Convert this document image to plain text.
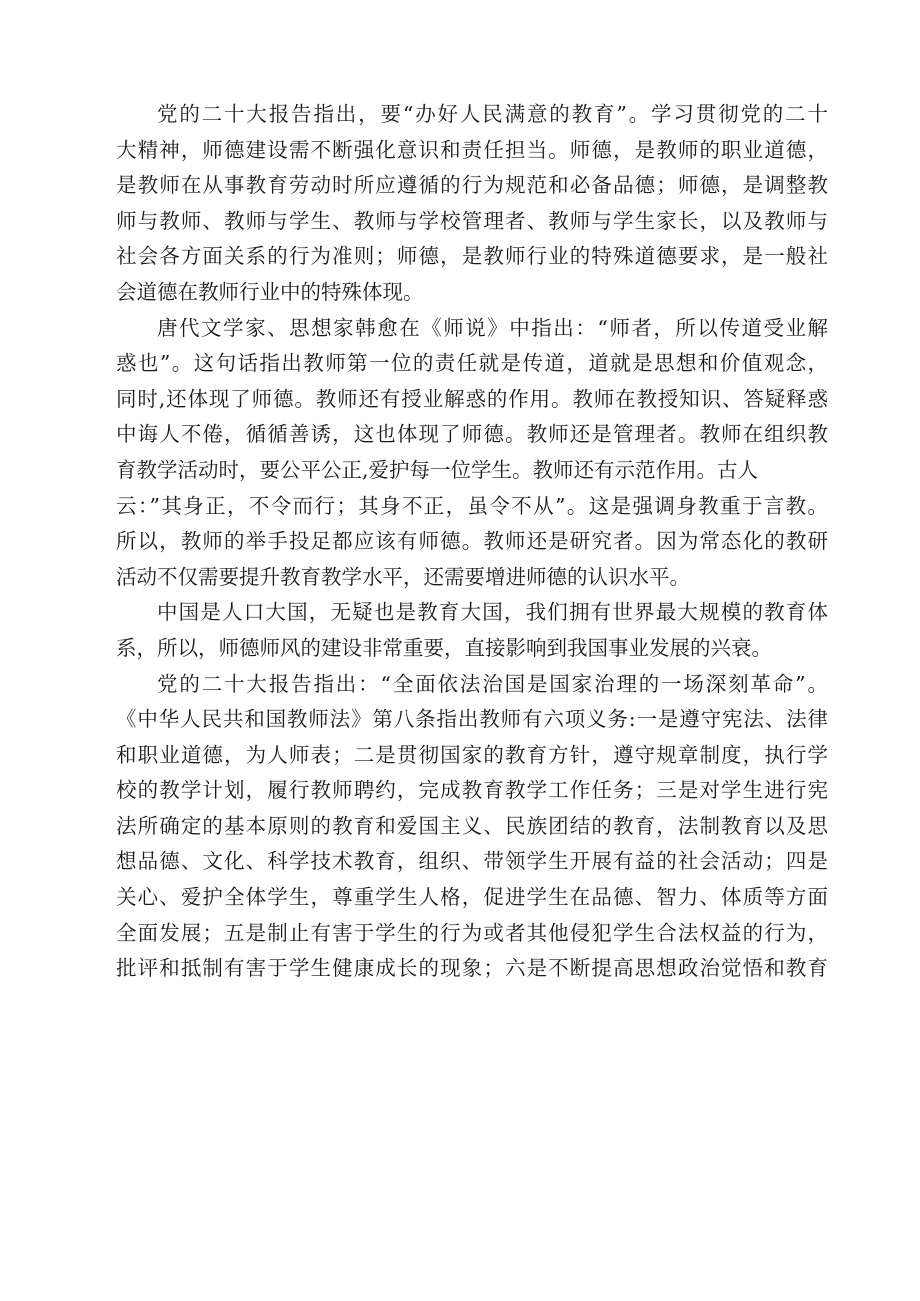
党的二十大报告指出，要“办好人民满意的教育”。学习贯彻党的二十
大精神，师德建设需不断强化意识和责任担当。师德，是教师的职业道德，
是教师在从事教育劳动时所应遵循的行为规范和必备品德；师德，是调整教
师与教师、教师与学生、教师与学校管理者、教师与学生家长，以及教师与
社会各方面关系的行为准则；师德，是教师行业的特殊道德要求，是一般社
会道德在教师行业中的特殊体现。
唐代文学家、思想家韩愈在《师说》中指出：“师者，所以传道受业解
惑也”。这句话指出教师第一位的责任就是传道，道就是思想和价值观念，
同时,还体现了师德。教师还有授业解惑的作用。教师在教授知识、答疑释惑
中诲人不倦，循循善诱，这也体现了师德。教师还是管理者。教师在组织教
育教学活动时，要公平公正,爱护每一位学生。教师还有示范作用。古人
云：”其身正，不令而行；其身不正，虽令不从”。这是强调身教重于言教。
所以，教师的举手投足都应该有师德。教师还是研究者。因为常态化的教研
活动不仅需要提升教育教学水平，还需要增进师德的认识水平。
中国是人口大国，无疑也是教育大国，我们拥有世界最大规模的教育体
系，所以，师德师风的建设非常重要，直接影响到我国事业发展的兴衰。
党的二十大报告指出：“全面依法治国是国家治理的一场深刻革命”。
《中华人民共和国教师法》第八条指出教师有六项义务:一是遵守宪法、法律
和职业道德，为人师表；二是贯彻国家的教育方针，遵守规章制度，执行学
校的教学计划，履行教师聘约，完成教育教学工作任务；三是对学生进行宪
法所确定的基本原则的教育和爱国主义、民族团结的教育，法制教育以及思
想品德、文化、科学技术教育，组织、带领学生开展有益的社会活动；四是
关心、爱护全体学生，尊重学生人格，促进学生在品德、智力、体质等方面
全面发展；五是制止有害于学生的行为或者其他侵犯学生合法权益的行为，
批评和抵制有害于学生健康成长的现象；六是不断提高思想政治觉悟和教育
